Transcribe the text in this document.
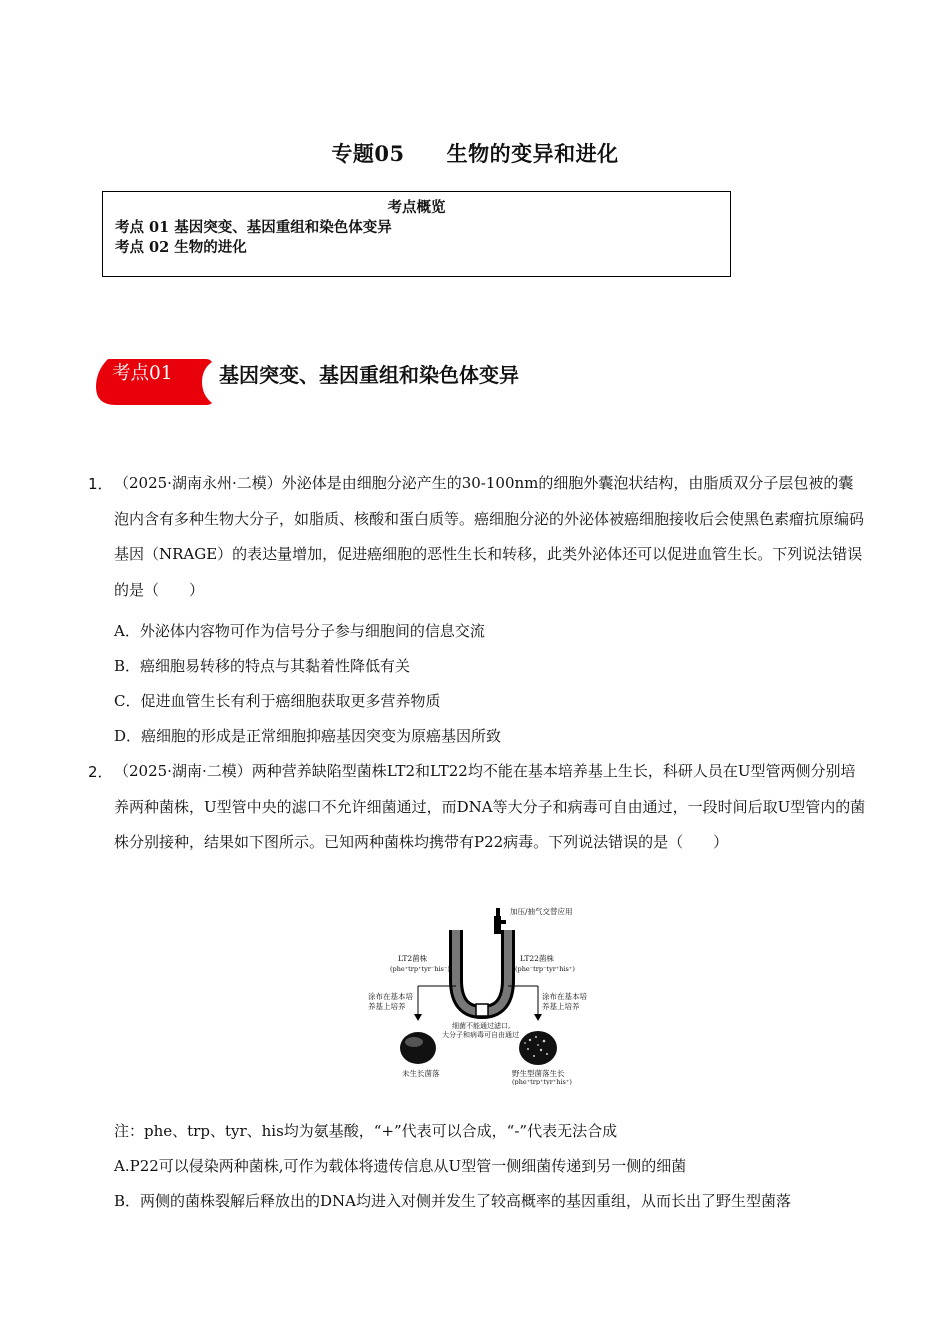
专题05 生物的变异和进化
考点概览
考点 01 基因突变、基因重组和染色体变异
考点 02 生物的进化
考点01 基因突变、基因重组和染色体变异
1． （2025·湖南永州·二模）外泌体是由细胞分泌产生的30-100nm的细胞外囊泡状结构，由脂质双分子层包被的囊泡内含有多种生物大分子，如脂质、核酸和蛋白质等。癌细胞分泌的外泌体被癌细胞接收后会使黑色素瘤抗原编码基因（NRAGE）的表达量增加，促进癌细胞的恶性生长和转移，此类外泌体还可以促进血管生长。下列说法错误的是（　　）
A．外泌体内容物可作为信号分子参与细胞间的信息交流
B．癌细胞易转移的特点与其黏着性降低有关
C．促进血管生长有利于癌细胞获取更多营养物质
D．癌细胞的形成是正常细胞抑癌基因突变为原癌基因所致
2． （2025·湖南·二模）两种营养缺陷型菌株LT2和LT22均不能在基本培养基上生长，科研人员在U型管两侧分别培养两种菌株，U型管中央的滤口不允许细菌通过，而DNA等大分子和病毒可自由通过，一段时间后取U型管内的菌株分别接种，结果如下图所示。已知两种菌株均携带有P22病毒。下列说法错误的是（　　）
加压/抽气交替应用
LT2菌株
(phe⁺trp⁺tyr⁻his⁻)
LT22菌株
(phe⁻trp⁻tyr⁺his⁺)
涂布在基本培
养基上培养
涂布在基本培
养基上培养
细菌不能通过滤口,
大分子和病毒可自由通过
未生长菌落	野生型菌落生长
(phe⁺trp⁺tyr⁺his⁺)
注：phe、trp、tyr、his均为氨基酸，“+”代表可以合成，“-”代表无法合成
A.P22可以侵染两种菌株,可作为载体将遗传信息从U型管一侧细菌传递到另一侧的细菌
B．两侧的菌株裂解后释放出的DNA均进入对侧并发生了较高概率的基因重组，从而长出了野生型菌落
